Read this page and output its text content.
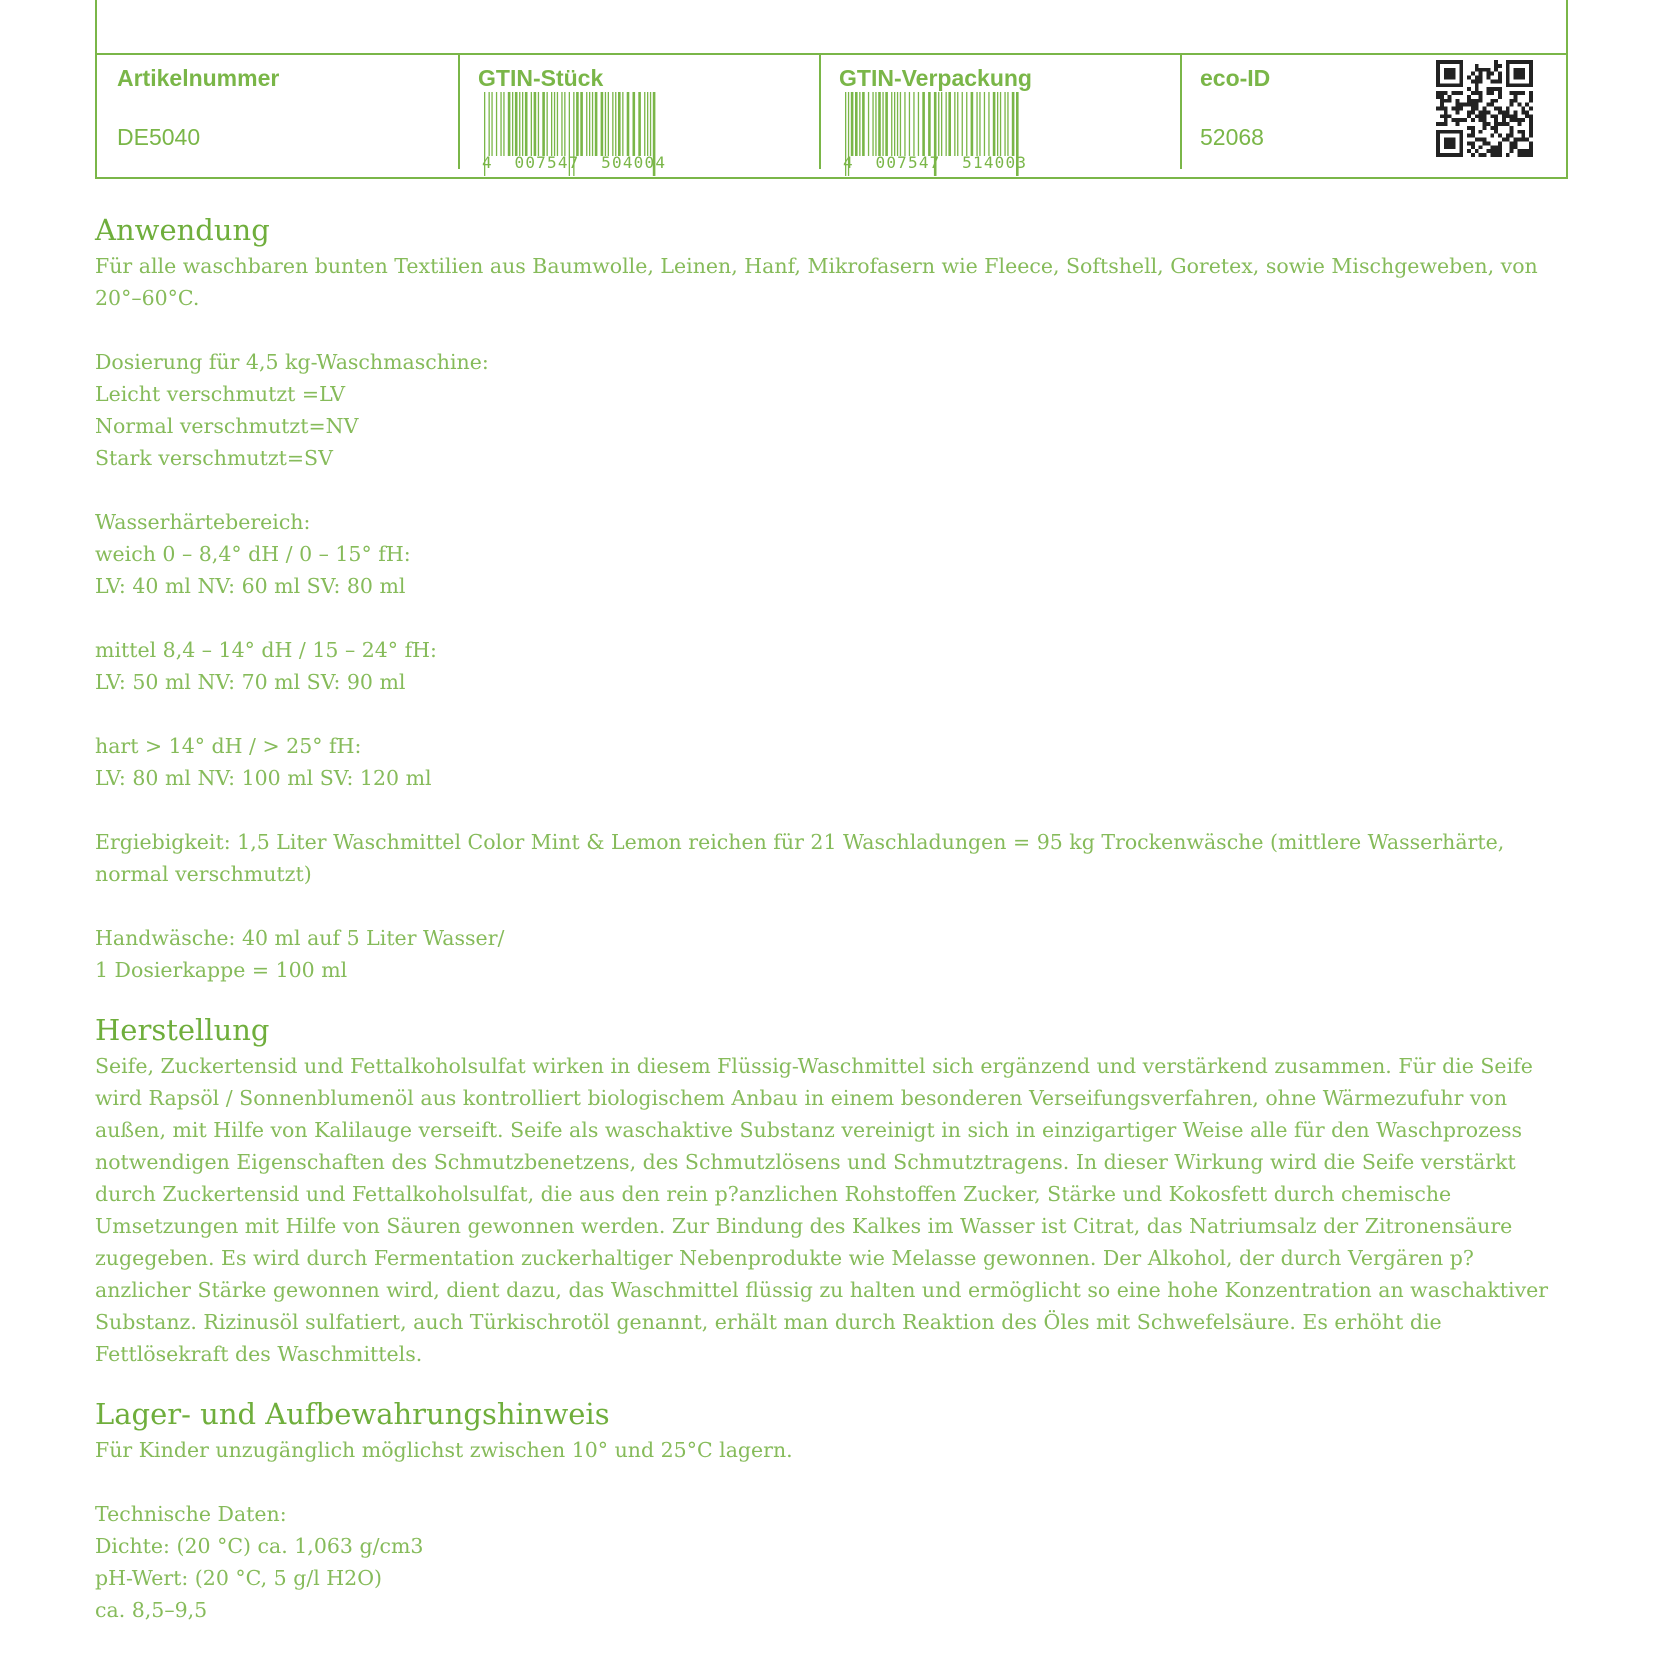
Artikelnummer
DE5040
GTIN-Stück
4  007547  504004
GTIN-Verpackung
4  007547  514003
eco-ID
52068
Anwendung

Für alle waschbaren bunten Textilien aus Baumwolle, Leinen, Hanf, Mikrofasern wie Fleece, Softshell, Goretex, sowie Mischgeweben, von 20°–60°C.

Dosierung für 4,5 kg-Waschmaschine:

Leicht verschmutzt =LV

Normal verschmutzt=NV

Stark verschmutzt=SV

Wasserhärtebereich:

weich 0 – 8,4° dH / 0 – 15° fH:

LV: 40 ml NV: 60 ml SV: 80 ml

mittel 8,4 – 14° dH / 15 – 24° fH:

LV: 50 ml NV: 70 ml SV: 90 ml

hart > 14° dH / > 25° fH:

LV: 80 ml NV: 100 ml SV: 120 ml

Ergiebigkeit: 1,5 Liter Waschmittel Color Mint & Lemon reichen für 21 Waschladungen = 95 kg Trockenwäsche (mittlere Wasserhärte, normal verschmutzt)

Handwäsche: 40 ml auf 5 Liter Wasser/

1 Dosierkappe = 100 ml

Herstellung

Seife, Zuckertensid und Fettalkoholsulfat wirken in diesem Flüssig-Waschmittel sich ergänzend und verstärkend zusammen. Für die Seife wird Rapsöl / Sonnenblumenöl aus kontrolliert biologischem Anbau in einem besonderen Verseifungsverfahren, ohne Wärmezufuhr von außen, mit Hilfe von Kalilauge verseift. Seife als waschaktive Substanz vereinigt in sich in einzigartiger Weise alle für den Waschprozess notwendigen Eigenschaften des Schmutzbenetzens, des Schmutzlösens und Schmutztragens. In dieser Wirkung wird die Seife verstärkt durch Zuckertensid und Fettalkoholsulfat, die aus den rein p?anzlichen Rohstoffen Zucker, Stärke und Kokosfett durch chemische Umsetzungen mit Hilfe von Säuren gewonnen werden. Zur Bindung des Kalkes im Wasser ist Citrat, das Natriumsalz der Zitronensäure zugegeben. Es wird durch Fermentation zuckerhaltiger Nebenprodukte wie Melasse gewonnen. Der Alkohol, der durch Vergären p? anzlicher Stärke gewonnen wird, dient dazu, das Waschmittel flüssig zu halten und ermöglicht so eine hohe Konzentration an waschaktiver Substanz. Rizinusöl sulfatiert, auch Türkischrotöl genannt, erhält man durch Reaktion des Öles mit Schwefelsäure. Es erhöht die Fettlösekraft des Waschmittels.

Lager- und Aufbewahrungshinweis

Für Kinder unzugänglich möglichst zwischen 10° und 25°C lagern.

Technische Daten:

Dichte: (20 °C) ca. 1,063 g/cm3

pH-Wert: (20 °C, 5 g/l H2O)

ca. 8,5–9,5
